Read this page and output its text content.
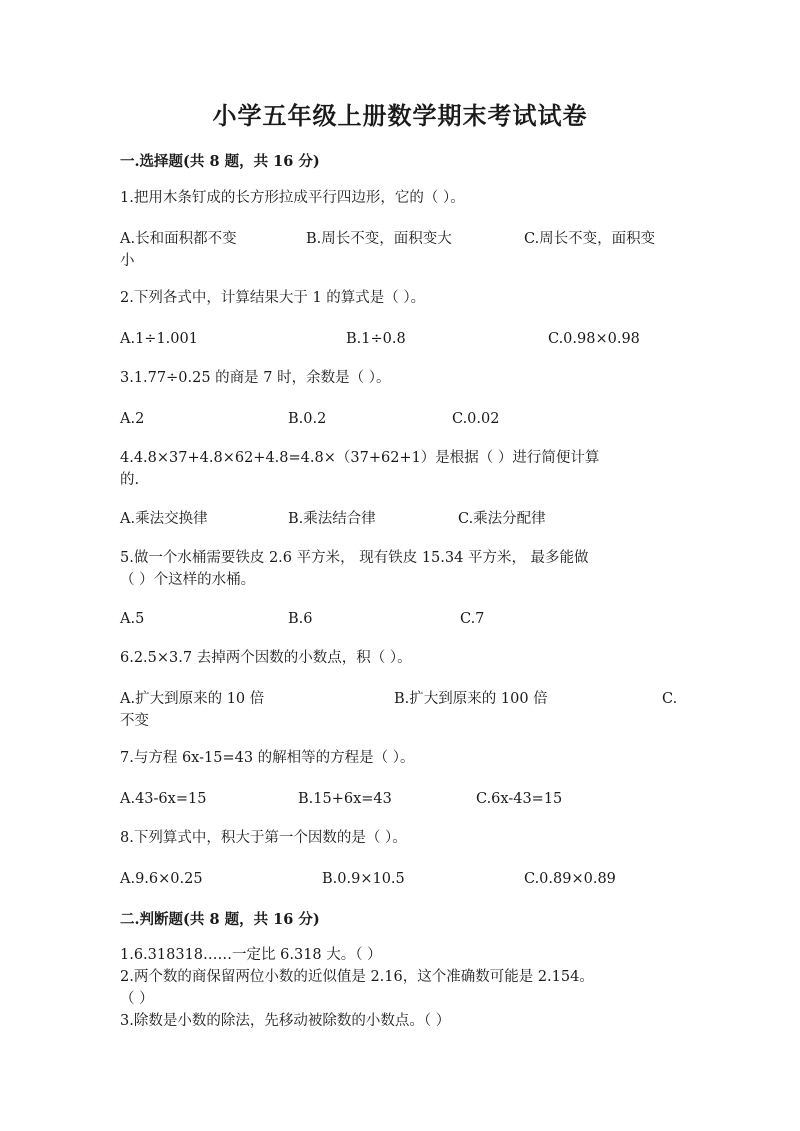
小学五年级上册数学期末考试试卷
一.选择题(共 8 题，共 16 分)
1.把用木条钉成的长方形拉成平行四边形，它的（ ）。
A.长和面积都不变	B.周长不变，面积变大	C.周长不变，面积变
小
2.下列各式中，计算结果大于 1 的算式是（ ）。
A.1÷1.001	B.1÷0.8	C.0.98×0.98
3.1.77÷0.25 的商是 7 时，余数是（ ）。
A.2	B.0.2	C.0.02
4.4.8×37+4.8×62+4.8=4.8×（37+62+1）是根据（ ）进行简便计算
的.
A.乘法交换律	B.乘法结合律	C.乘法分配律
5.做一个水桶需要铁皮 2.6 平方米， 现有铁皮 15.34 平方米， 最多能做
（ ）个这样的水桶。
A.5	B.6	C.7
6.2.5×3.7 去掉两个因数的小数点，积（ ）。
A.扩大到原来的 10 倍	B.扩大到原来的 100 倍	C.
不变
7.与方程 6x-15=43 的解相等的方程是（ ）。
A.43-6x=15	B.15+6x=43	C.6x-43=15
8.下列算式中，积大于第一个因数的是（ ）。
A.9.6×0.25	B.0.9×10.5	C.0.89×0.89
二.判断题(共 8 题，共 16 分)
1.6.318318……一定比 6.318 大。（ ）
2.两个数的商保留两位小数的近似值是 2.16，这个准确数可能是 2.154。
（ ）
3.除数是小数的除法，先移动被除数的小数点。（ ）
